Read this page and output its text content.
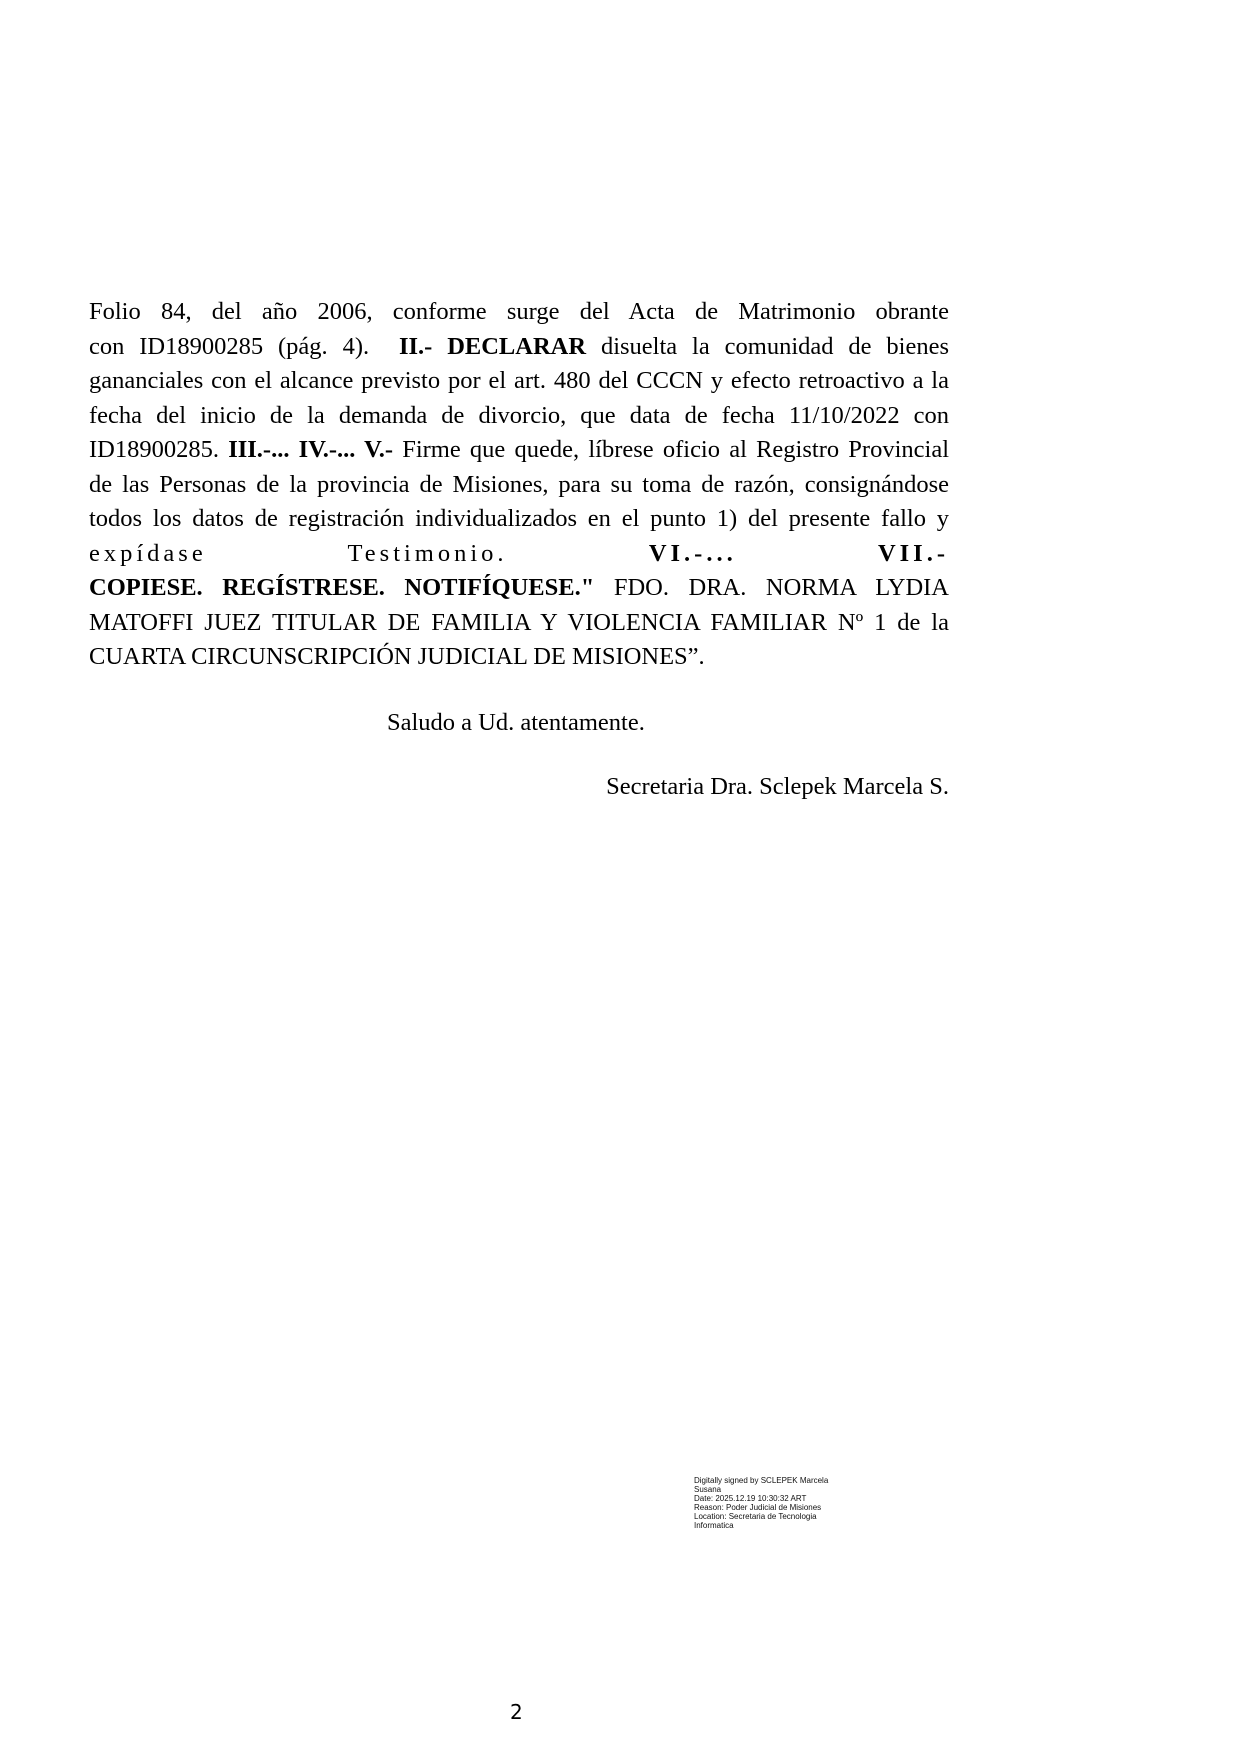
Folio 84, del año 2006, conforme surge del Acta de Matrimonio obrante
con ID18900285 (pág. 4). II.- DECLARAR disuelta la comunidad de bienes
gananciales con el alcance previsto por el art. 480 del CCCN y efecto retroactivo a la
fecha del inicio de la demanda de divorcio, que data de fecha 11/10/2022 con
ID18900285. III.-... IV.-... V.- Firme que quede, líbrese oficio al Registro Provincial
de las Personas de la provincia de Misiones, para su toma de razón, consignándose
todos los datos de registración individualizados en el punto 1) del presente fallo y
expídase	Testimonio.	VI.-...	VII.-
COPIESE. REGÍSTRESE. NOTIFÍQUESE." FDO. DRA. NORMA LYDIA
MATOFFI JUEZ TITULAR DE FAMILIA Y VIOLENCIA FAMILIAR Nº 1 de la
CUARTA CIRCUNSCRIPCIÓN JUDICIAL DE MISIONES”.
Saludo a Ud. atentamente.
Secretaria Dra. Sclepek Marcela S.
Digitally signed by SCLEPEK Marcela
Susana
Date: 2025.12.19 10:30:32 ART
Reason: Poder Judicial de Misiones
Location: Secretaria de Tecnologia
Informatica
2
